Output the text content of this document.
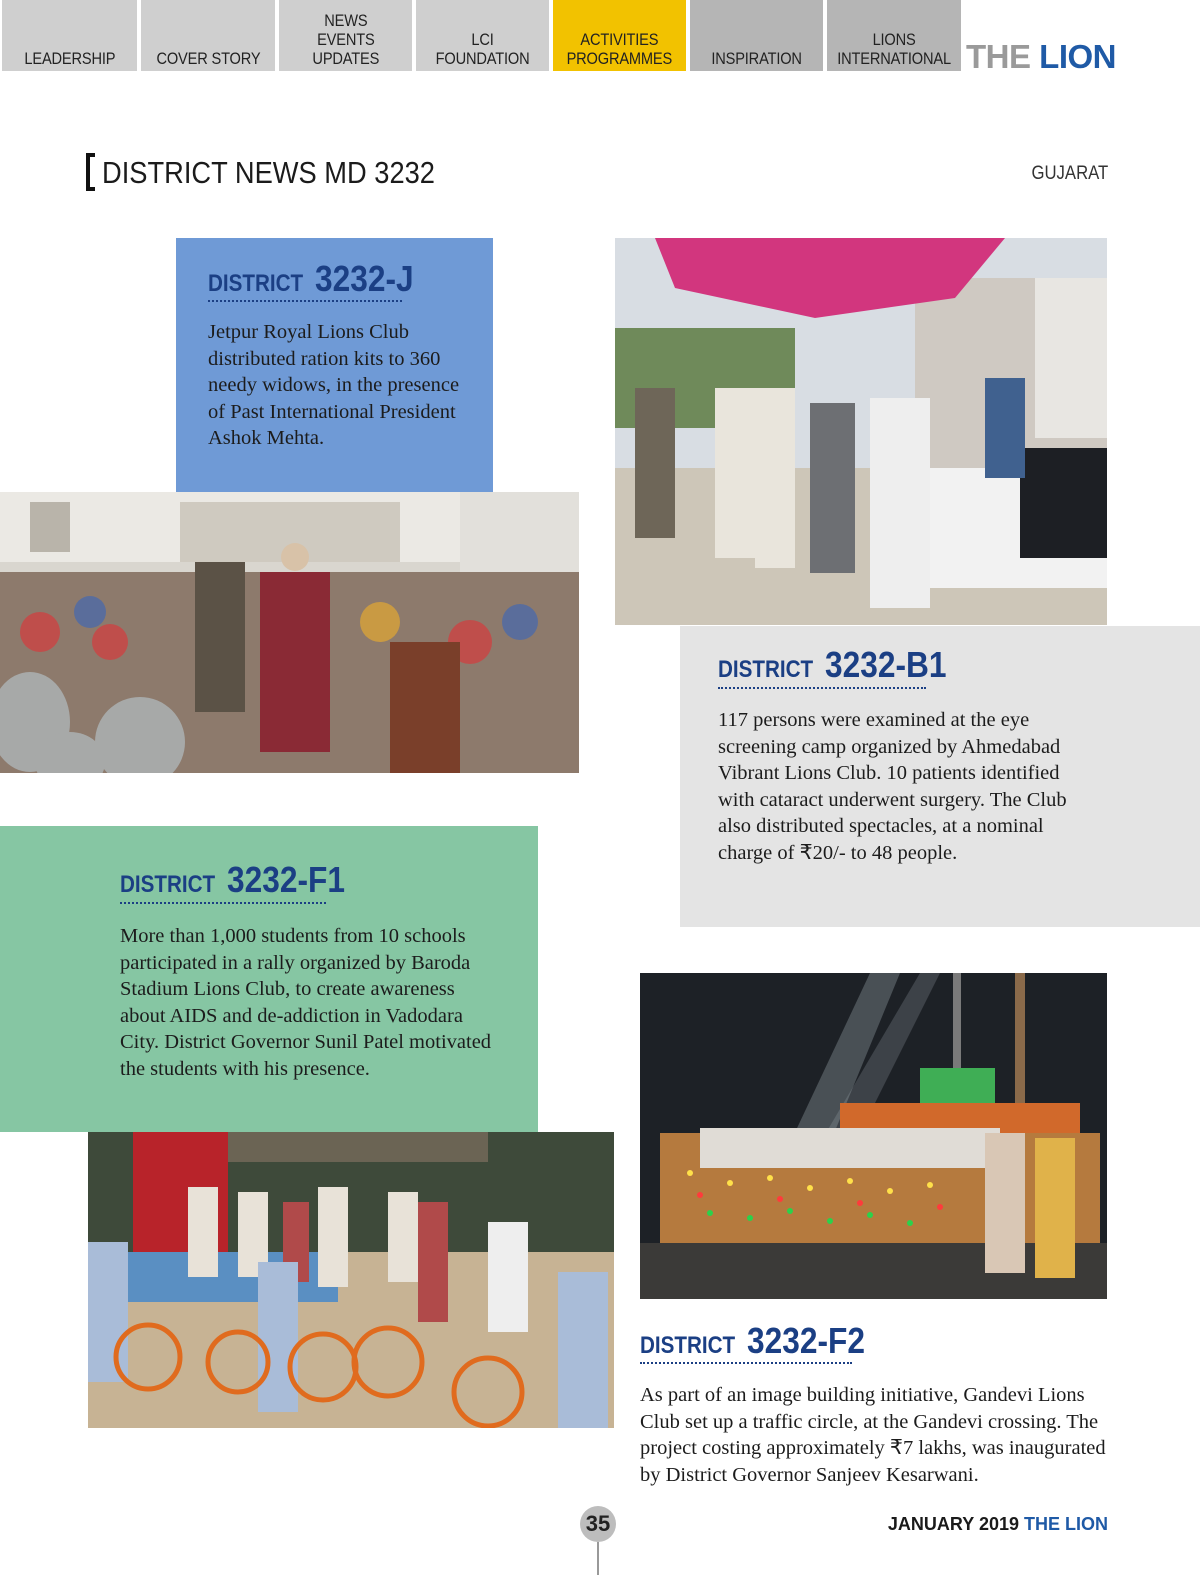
LEADERSHIP COVER STORY
NEWS
EVENTS
UPDATES
LCI
FOUNDATION
ACTIVITIES
PROGRAMMES INSPIRATION
LIONS
INTERNATIONAL THE LION
DISTRICT NEWS MD 3232	GUJARAT
DISTRICT 3232-J

Jetpur Royal Lions Club distributed ration kits to 360 needy widows, in the presence of Past International President Ashok Mehta.

DISTRICT 3232-B1

117 persons were examined at the eye screening camp organized by Ahmedabad Vibrant Lions Club. 10 patients identified with cataract underwent surgery. The Club also distributed spectacles, at a nominal charge of ₹20/- to 48 people.

DISTRICT 3232-F1

More than 1,000 students from 10 schools participated in a rally organized by Baroda Stadium Lions Club, to create awareness about AIDS and de-addiction in Vadodara City. District Governor Sunil Patel motivated the students with his presence.

DISTRICT 3232-F2

As part of an image building initiative, Gandevi Lions Club set up a traffic circle, at the Gandevi crossing. The project costing approximately ₹7 lakhs, was inaugurated by District Governor Sanjeev Kesarwani.

35	JANUARY 2019 THE LION
